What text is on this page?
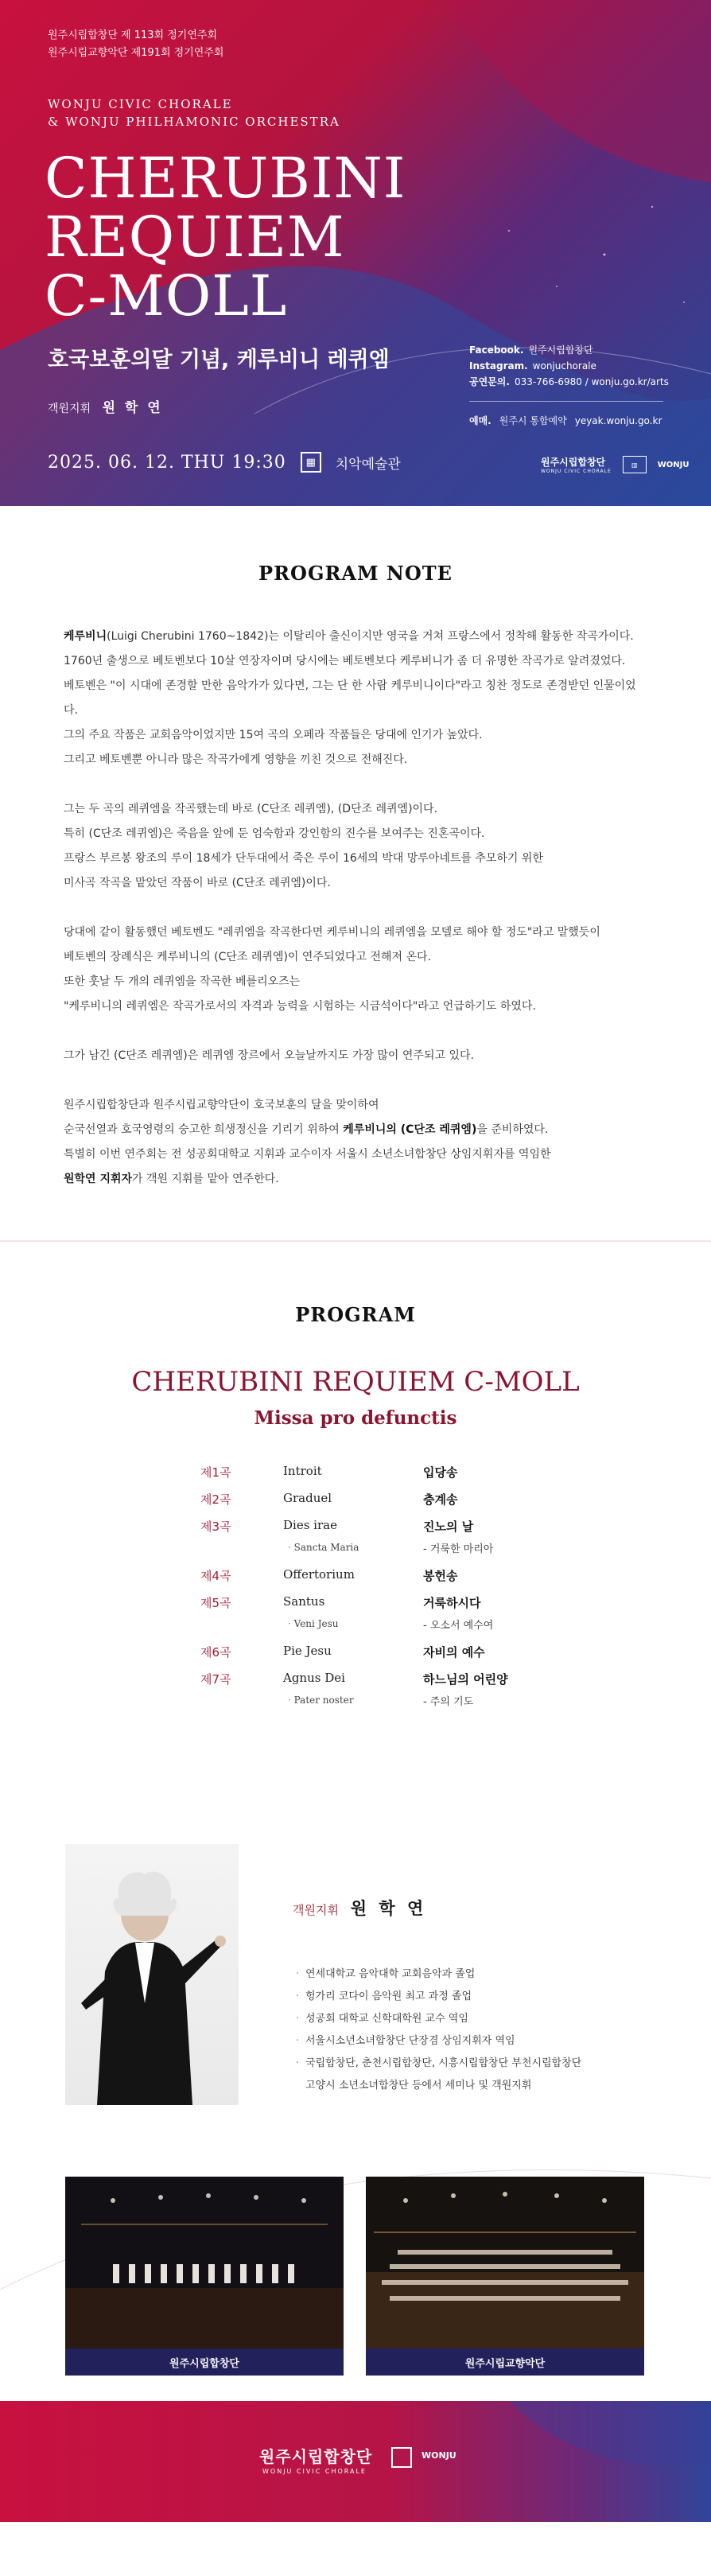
원주시립합창단 제 113회 정기연주회
원주시립교향악단 제191회 정기연주회
WONJU CIVIC CHORALE
& WONJU PHILHAMONIC ORCHESTRA
CHERUBINI
REQUIEM
C-MOLL
호국보훈의달 기념, 케루비니 레퀴엠
객원지휘 원 학 연
2025. 06. 12. THU 19:30	▦	치악예술관
Facebook. 원주시립합창단
Instagram. wonjuchorale
공연문의. 033-766-6980 / wonju.go.kr/arts
예매. 원주시 통합예약 yeyak.wonju.go.kr
원주시립합창단
WONJU CIVIC CHORALE
▥	WONJU
PROGRAM NOTE

케루비니(Luigi Cherubini 1760~1842)는 이탈리아 출신이지만 영국을 거쳐 프랑스에서 정착해 활동한 작곡가이다.
1760년 출생으로 베토벤보다 10살 연장자이며 당시에는 베토벤보다 케루비니가 좀 더 유명한 작곡가로 알려졌었다.
베토벤은 "이 시대에 존경할 만한 음악가가 있다면, 그는 단 한 사람 케루비니이다"라고 칭찬 정도로 존경받던 인물이었다.
그의 주요 작품은 교회음악이었지만 15여 곡의 오페라 작품들은 당대에 인기가 높았다.
그리고 베토벤뿐 아니라 많은 작곡가에게 영향을 끼친 것으로 전해진다.

그는 두 곡의 레퀴엠을 작곡했는데 바로 (C단조 레퀴엠), (D단조 레퀴엠)이다.
특히 (C단조 레퀴엠)은 죽음을 앞에 둔 엄숙함과 강인함의 진수를 보여주는 진혼곡이다.
프랑스 부르봉 왕조의 루이 18세가 단두대에서 죽은 루이 16세의 박대 망루아네트를 추모하기 위한
미사곡 작곡을 맡았던 작품이 바로 (C단조 레퀴엠)이다.

당대에 같이 활동했던 베토벤도 "레퀴엠을 작곡한다면 케루비니의 레퀴엠을 모델로 해야 할 정도"라고 말했듯이
베토벤의 장례식은 케루비니의 (C단조 레퀴엠)이 연주되었다고 전해져 온다.
또한 훗날 두 개의 레퀴엠을 작곡한 베를리오즈는
"케루비니의 레퀴엠은 작곡가로서의 자격과 능력을 시험하는 시금석이다"라고 언급하기도 하였다.

그가 남긴 (C단조 레퀴엠)은 레퀴엠 장르에서 오늘날까지도 가장 많이 연주되고 있다.

원주시립합창단과 원주시립교향악단이 호국보훈의 달을 맞이하여
순국선열과 호국영령의 숭고한 희생정신을 기리기 위하여 케루비니의 (C단조 레퀴엠)을 준비하였다.
특별히 이번 연주회는 전 성공회대학교 지휘과 교수이자 서울시 소년소녀합창단 상임지휘자를 역임한
원학연 지휘자가 객원 지휘를 맡아 연주한다.

PROGRAM
CHERUBINI REQUIEM C-MOLL
Missa pro defunctis
제1곡	Introit	입당송
제2곡	Graduel	층계송
제3곡	Dies irae	진노의 날
· Sancta Maria	- 거룩한 마리아
제4곡	Offertorium	봉헌송
제5곡	Santus	거룩하시다
· Veni Jesu	- 오소서 예수여
제6곡	Pie Jesu	자비의 예수
제7곡	Agnus Dei	하느님의 어린양
· Pater noster	- 주의 기도
객원지휘 원 학 연
· 연세대학교 음악대학 교회음악과 졸업
· 헝가리 코다이 음악원 최고 과정 졸업
· 성공회 대학교 신학대학원 교수 역임
· 서울시소년소녀합창단 단장겸 상임지휘자 역임
· 국립합창단, 춘천시립합창단, 시흥시립합창단 부천시립합창단
고양시 소년소녀합창단 등에서 세미나 및 객원지휘
원주시립합창단	원주시립교향악단
원주시립합창단
WONJU CIVIC CHORALE
WONJU
